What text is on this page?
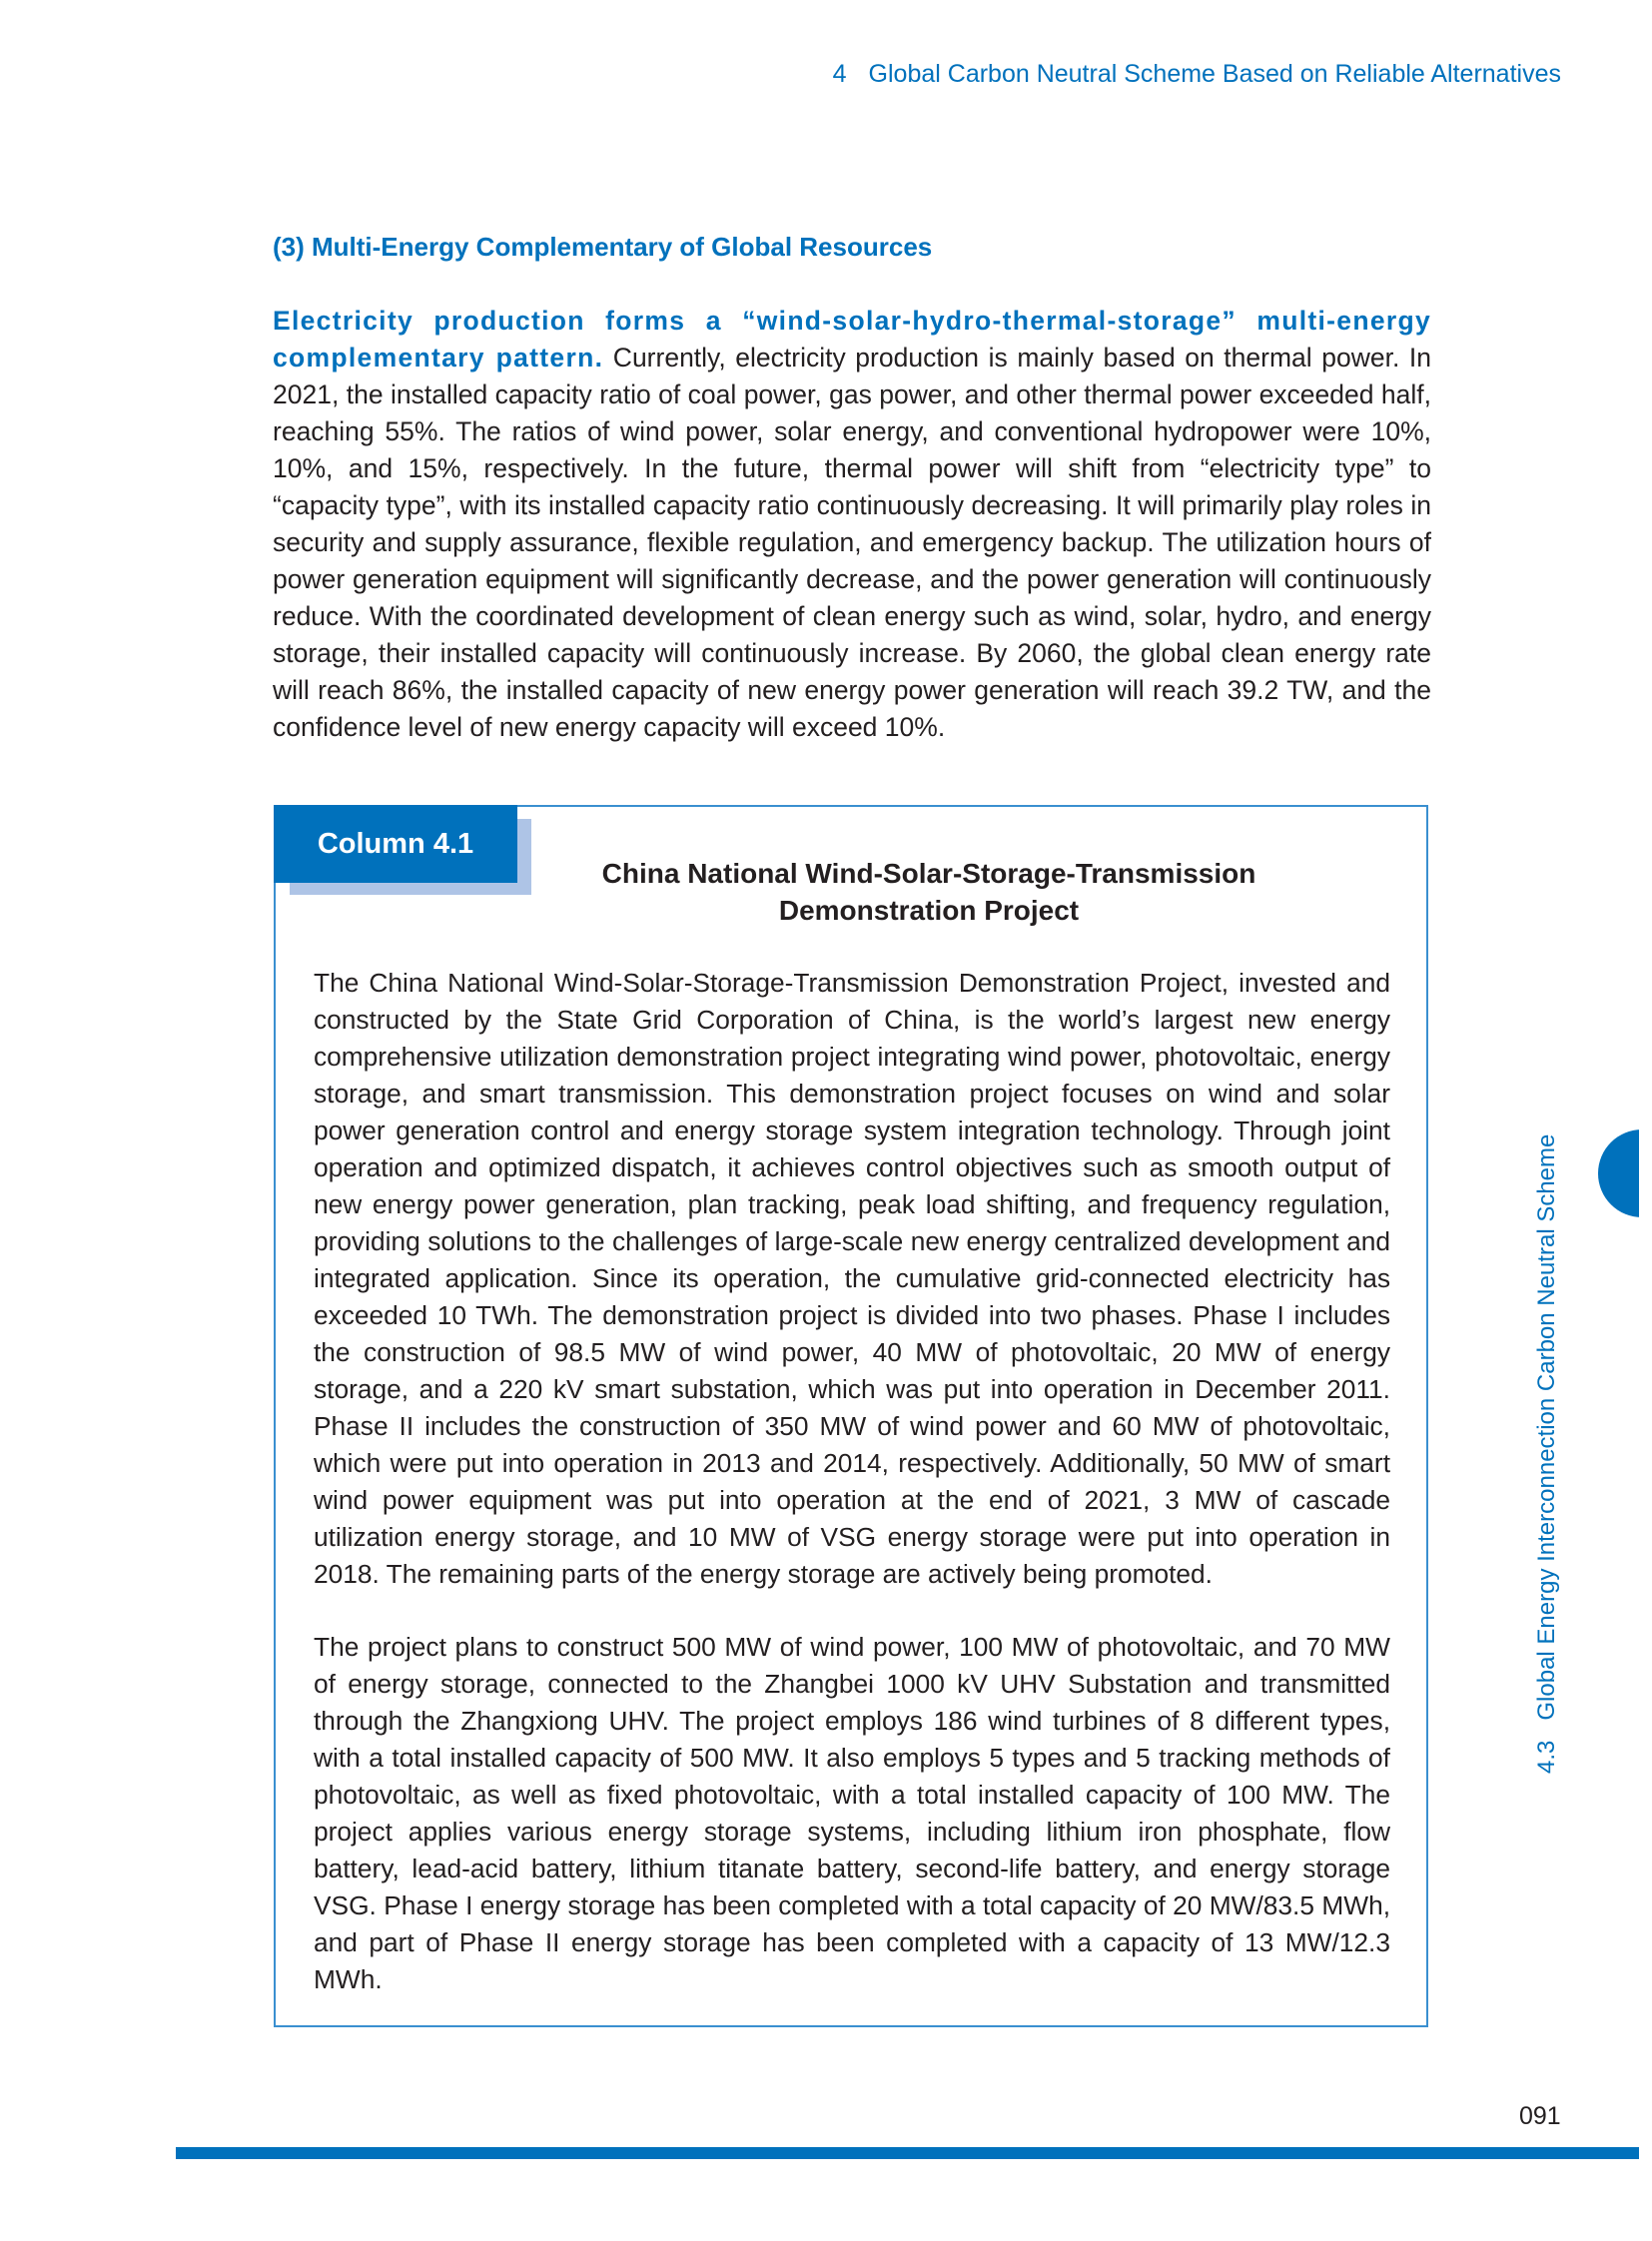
4 Global Carbon Neutral Scheme Based on Reliable Alternatives
(3) Multi-Energy Complementary of Global Resources

Electricity production forms a “wind-solar-hydro-thermal-storage” multi-energy complementary pattern. Currently, electricity production is mainly based on thermal power. In 2021, the installed capacity ratio of coal power, gas power, and other thermal power exceeded half, reaching 55%. The ratios of wind power, solar energy, and conventional hydropower were 10%, 10%, and 15%, respectively. In the future, thermal power will shift from “electricity type” to “capacity type”, with its installed capacity ratio continuously decreasing. It will primarily play roles in security and supply assurance, flexible regulation, and emergency backup. The utilization hours of power generation equipment will significantly decrease, and the power generation will continuously reduce. With the coordinated development of clean energy such as wind, solar, hydro, and energy storage, their installed capacity will continuously increase. By 2060, the global clean energy rate will reach 86%, the installed capacity of new energy power generation will reach 39.2 TW, and the confidence level of new energy capacity will exceed 10%.

Column 4.1
China National Wind-Solar-Storage-Transmission
Demonstration Project

The China National Wind-Solar-Storage-Transmission Demonstration Project, invested and constructed by the State Grid Corporation of China, is the world’s largest new energy comprehensive utilization demonstration project integrating wind power, photovoltaic, energy storage, and smart transmission. This demonstration project focuses on wind and solar power generation control and energy storage system integration technology. Through joint operation and optimized dispatch, it achieves control objectives such as smooth output of new energy power generation, plan tracking, peak load shifting, and frequency regulation, providing solutions to the challenges of large-scale new energy centralized development and integrated application. Since its operation, the cumulative grid-connected electricity has exceeded 10 TWh. The demonstration project is divided into two phases. Phase I includes the construction of 98.5 MW of wind power, 40 MW of photovoltaic, 20 MW of energy storage, and a 220 kV smart substation, which was put into operation in December 2011. Phase II includes the construction of 350 MW of wind power and 60 MW of photovoltaic, which were put into operation in 2013 and 2014, respectively. Additionally, 50 MW of smart wind power equipment was put into operation at the end of 2021, 3 MW of cascade utilization energy storage, and 10 MW of VSG energy storage were put into operation in 2018. The remaining parts of the energy storage are actively being promoted.

The project plans to construct 500 MW of wind power, 100 MW of photovoltaic, and 70 MW of energy storage, connected to the Zhangbei 1000 kV UHV Substation and transmitted through the Zhangxiong UHV. The project employs 186 wind turbines of 8 different types, with a total installed capacity of 500 MW. It also employs 5 types and 5 tracking methods of photovoltaic, as well as fixed photovoltaic, with a total installed capacity of 100 MW. The project applies various energy storage systems, including lithium iron phosphate, flow battery, lead-acid battery, lithium titanate battery, second-life battery, and energy storage VSG. Phase I energy storage has been completed with a total capacity of 20 MW/83.5 MWh, and part of Phase II energy storage has been completed with a capacity of 13 MW/12.3 MWh.

4.3Global Energy Interconnection Carbon Neutral Scheme
091
